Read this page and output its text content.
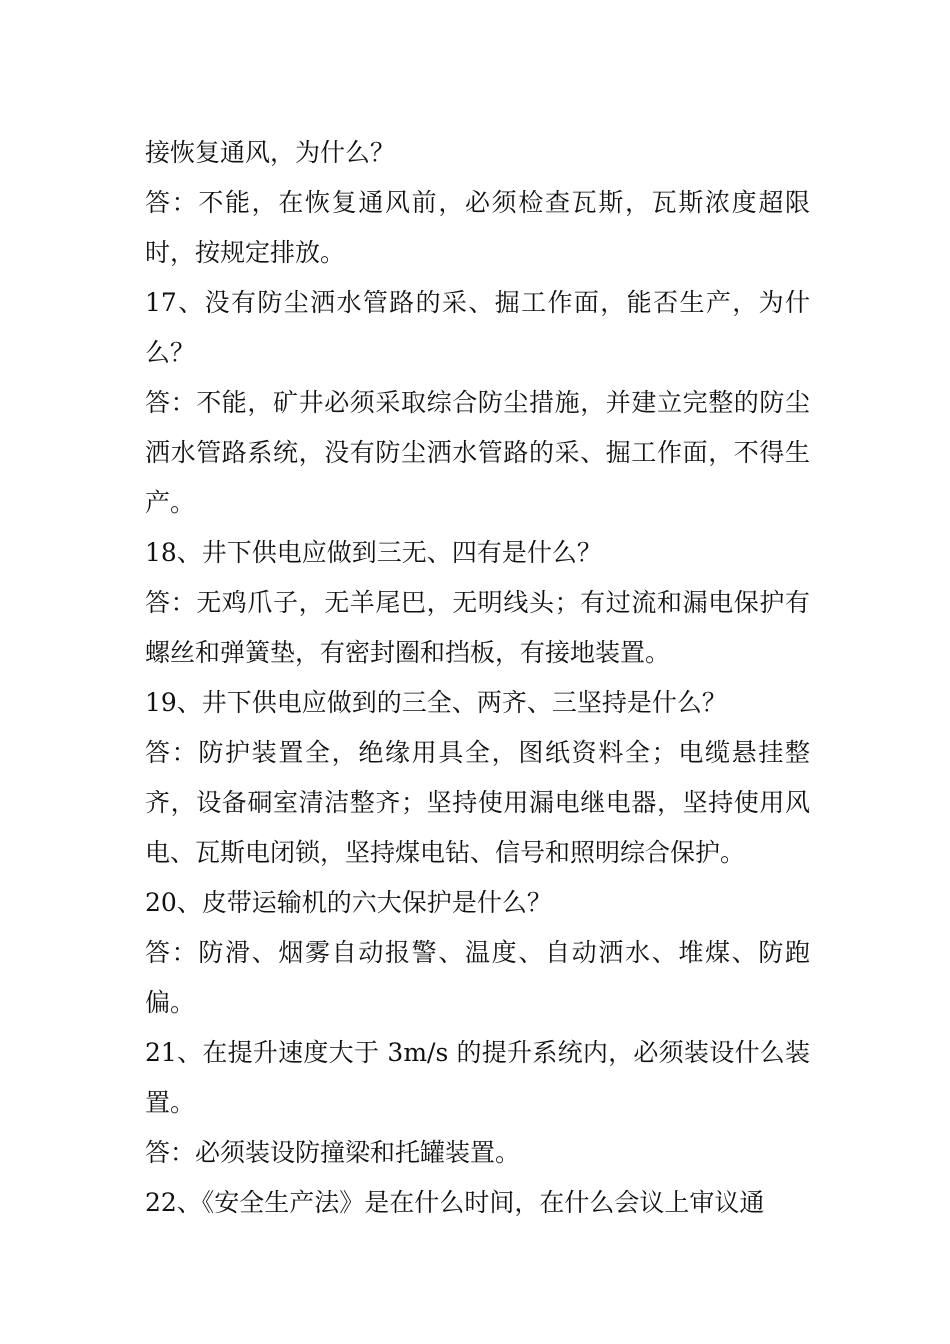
接恢复通风，为什么？

答：不能，在恢复通风前，必须检查瓦斯，瓦斯浓度超限时，按规定排放。

17、没有防尘洒水管路的采、掘工作面，能否生产，为什么？

答：不能，矿井必须采取综合防尘措施，并建立完整的防尘洒水管路系统，没有防尘洒水管路的采、掘工作面，不得生产。

18、井下供电应做到三无、四有是什么？

答：无鸡爪子，无羊尾巴，无明线头；有过流和漏电保护有螺丝和弹簧垫，有密封圈和挡板，有接地装置。

19、井下供电应做到的三全、两齐、三坚持是什么？

答：防护装置全，绝缘用具全，图纸资料全；电缆悬挂整齐，设备硐室清洁整齐；坚持使用漏电继电器，坚持使用风电、瓦斯电闭锁，坚持煤电钻、信号和照明综合保护。

20、皮带运输机的六大保护是什么？

答：防滑、烟雾自动报警、温度、自动洒水、堆煤、防跑偏。

21、在提升速度大于 3m/s 的提升系统内，必须装设什么装置。

答：必须装设防撞梁和托罐装置。

22、《安全生产法》是在什么时间，在什么会议上审议通
